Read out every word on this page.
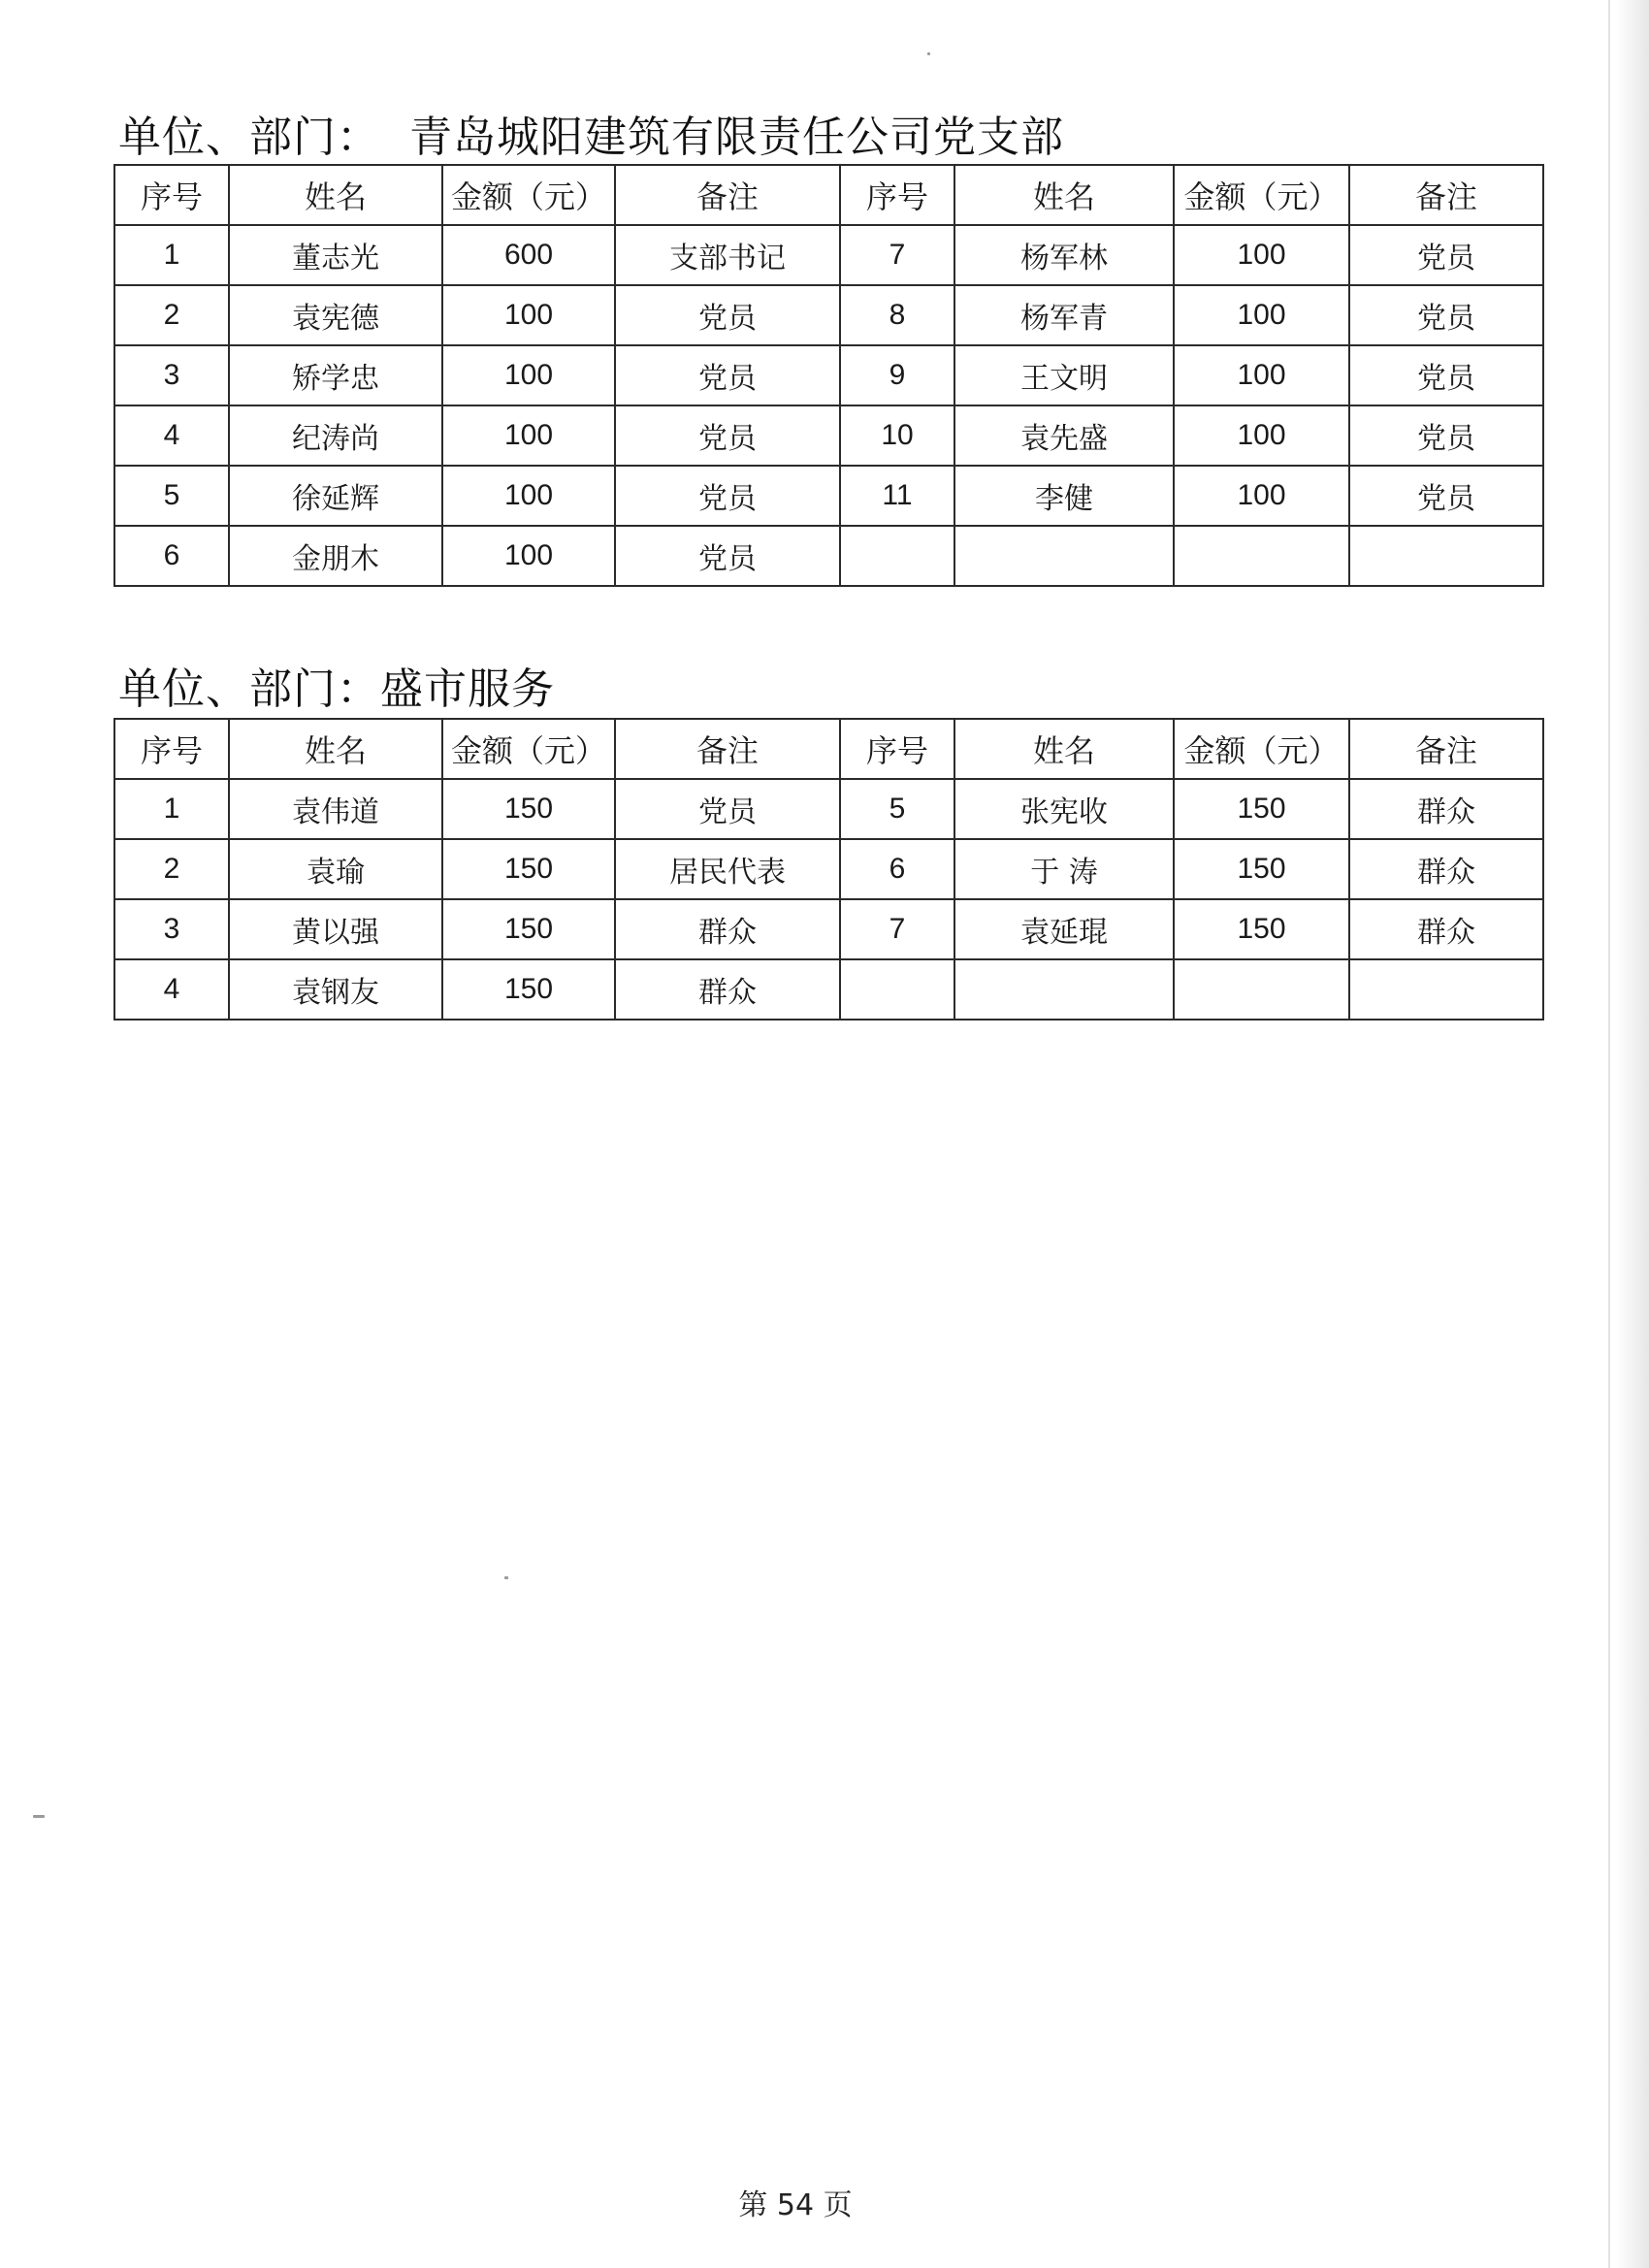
单位、部门：  青岛城阳建筑有限责任公司党支部
序号	姓名	金额（元）	备注	序号	姓名	金额（元）	备注
1	董志光	600	支部书记	7	杨军林	100	党员
2	袁宪德	100	党员	8	杨军青	100	党员
3	矫学忠	100	党员	9	王文明	100	党员
4	纪涛尚	100	党员	10	袁先盛	100	党员
5	徐延辉	100	党员	11	李健	100	党员
6	金朋木	100	党员				
单位、部门：盛市服务
序号	姓名	金额（元）	备注	序号	姓名	金额（元）	备注
1	袁伟道	150	党员	5	张宪收	150	群众
2	袁瑜	150	居民代表	6	于 涛	150	群众
3	黄以强	150	群众	7	袁延琨	150	群众
4	袁钢友	150	群众				
第 54 页
